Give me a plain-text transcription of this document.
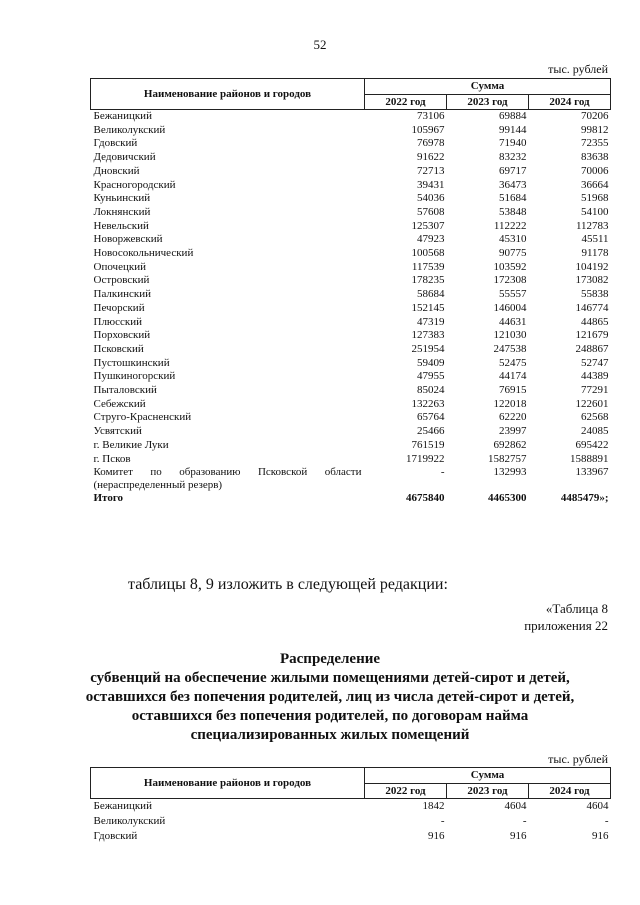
52
тыс. рублей
Наименование районов и городов	Сумма		
	2022 год	2023 год	2024 год
Бежаницкий	73106	69884	70206
Великолукский	105967	99144	99812
Гдовский	76978	71940	72355
Дедовичский	91622	83232	83638
Дновский	72713	69717	70006
Красногородский	39431	36473	36664
Куньинский	54036	51684	51968
Локнянский	57608	53848	54100
Невельский	125307	112222	112783
Новоржевский	47923	45310	45511
Новосокольнический	100568	90775	91178
Опочецкий	117539	103592	104192
Островский	178235	172308	173082
Палкинский	58684	55557	55838
Печорский	152145	146004	146774
Плюсский	47319	44631	44865
Порховский	127383	121030	121679
Псковский	251954	247538	248867
Пустошкинский	59409	52475	52747
Пушкиногорский	47955	44174	44389
Пыталовский	85024	76915	77291
Себежский	132263	122018	122601
Струго-Красненский	65764	62220	62568
Усвятский	25466	23997	24085
г. Великие Луки	761519	692862	695422
г. Псков	1719922	1582757	1588891
Комитет по образованию Псковской области (нераспределенный резерв)	-	132993	133967
Итого	4675840	4465300	4485479»;
таблицы 8, 9 изложить в следующей редакции:
«Таблица 8
приложения 22
Распределение
субвенций на обеспечение жилыми помещениями детей-сирот и детей,
оставшихся без попечения родителей, лиц из числа детей-сирот и детей,
оставшихся без попечения родителей, по договорам найма
специализированных жилых помещений
тыс. рублей
Наименование районов и городов	Сумма		
	2022 год	2023 год	2024 год
Бежаницкий	1842	4604	4604
Великолукский	-	-	-
Гдовский	916	916	916
